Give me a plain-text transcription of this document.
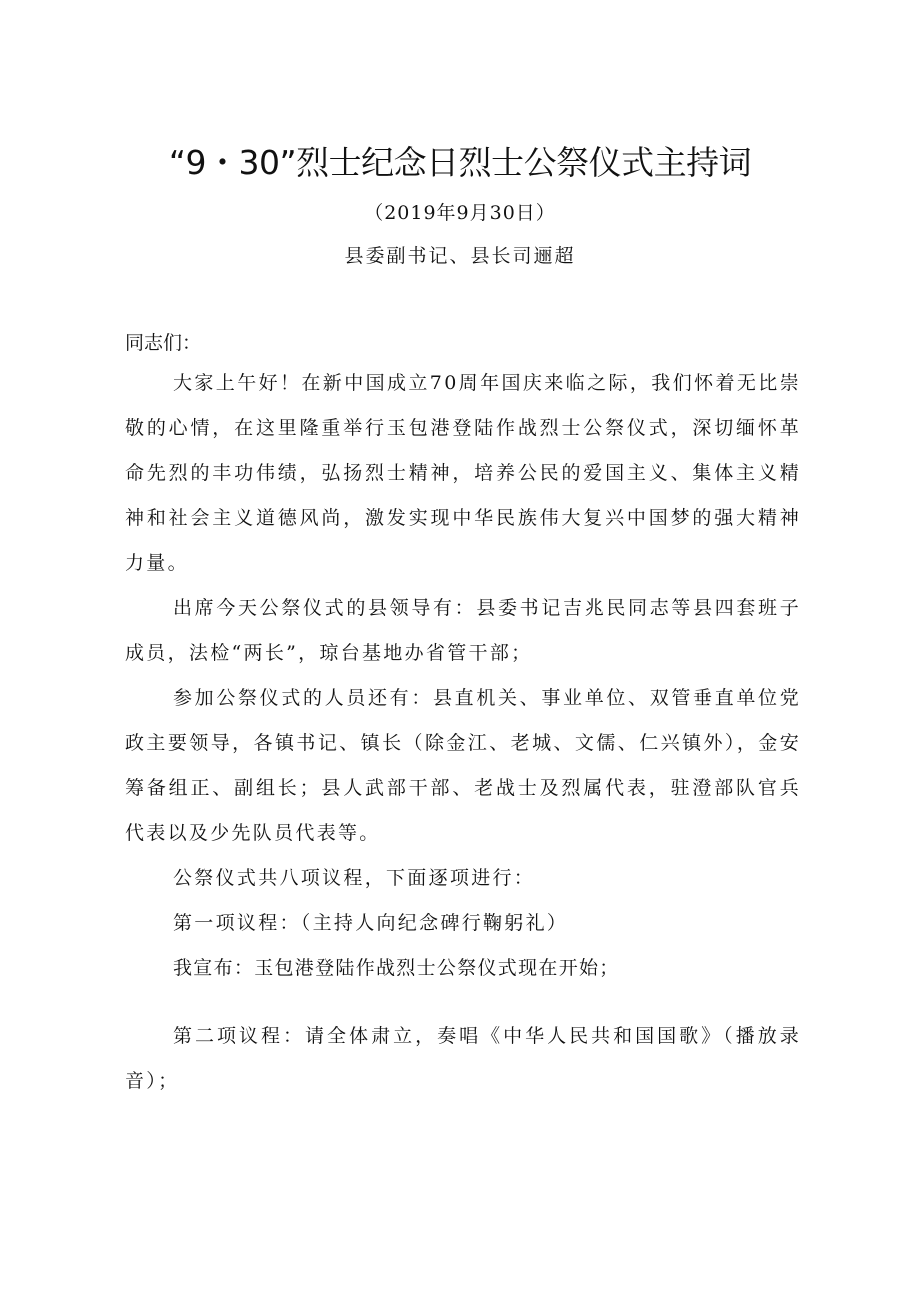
“9・30”烈士纪念日烈士公祭仪式主持词
（2019年9月30日）
县委副书记、县长司逦超
同志们：

大家上午好！在新中国成立70周年国庆来临之际，我们怀着无比崇敬的心情，在这里隆重举行玉包港登陆作战烈士公祭仪式，深切缅怀革命先烈的丰功伟绩，弘扬烈士精神，培养公民的爱国主义、集体主义精神和社会主义道德风尚，激发实现中华民族伟大复兴中国梦的强大精神力量。

出席今天公祭仪式的县领导有：县委书记吉兆民同志等县四套班子成员，法检“两长”，琼台基地办省管干部；

参加公祭仪式的人员还有：县直机关、事业单位、双管垂直单位党政主要领导，各镇书记、镇长（除金江、老城、文儒、仁兴镇外），金安筹备组正、副组长；县人武部干部、老战士及烈属代表，驻澄部队官兵代表以及少先队员代表等。

公祭仪式共八项议程，下面逐项进行：

第一项议程：（主持人向纪念碑行鞠躬礼）

我宣布：玉包港登陆作战烈士公祭仪式现在开始；

第二项议程：请全体肃立，奏唱《中华人民共和国国歌》（播放录音）；
